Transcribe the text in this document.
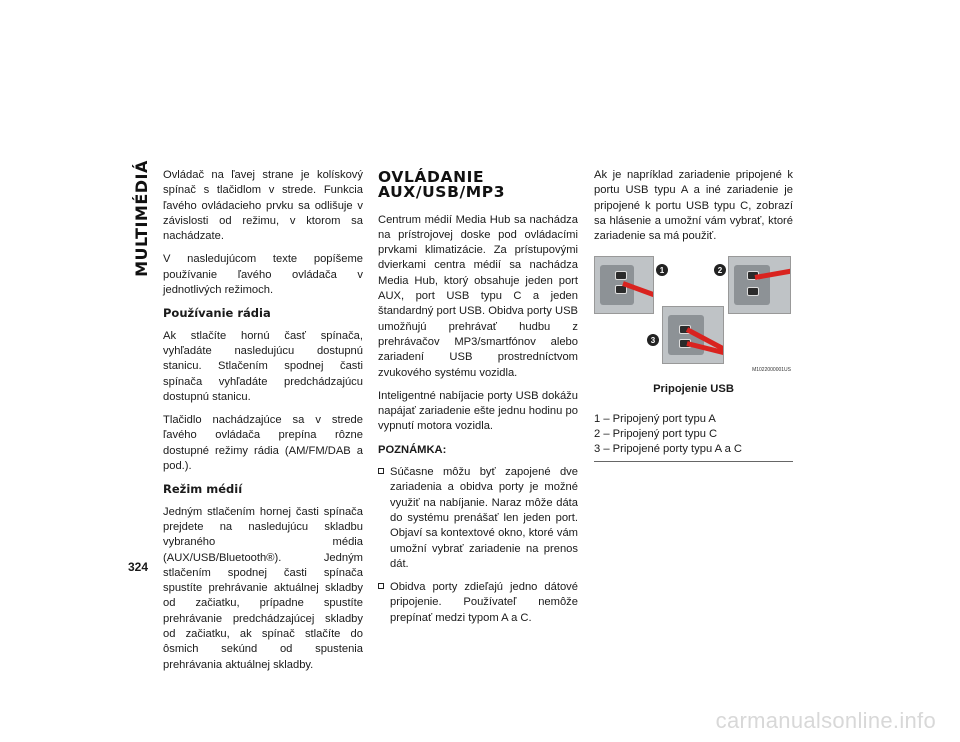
MULTIMÉDIÁ Ovládač na ľavej strane je kolískový spínač s tlačidlom v strede. Funkcia ľavého ovládacieho prvku sa odlišuje v závislosti od režimu, v ktorom sa nachádzate.

V nasledujúcom texte popíšeme používanie ľavého ovládača v jednotlivých režimoch.

Používanie rádia

Ak stlačíte hornú časť spínača, vyhľadáte nasledujúcu dostupnú stanicu. Stlačením spodnej časti spínača vyhľadáte predchádzajúcu dostupnú stanicu.

Tlačidlo nachádzajúce sa v strede ľavého ovládača prepína rôzne dostupné režimy rádia (AM/FM/DAB a pod.).

Režim médií

Jedným stlačením hornej časti spínača prejdete na nasledujúcu skladbu vybraného média (AUX/USB/Bluetooth®). Jedným stlačením spodnej časti spínača spustíte prehrávanie aktuálnej skladby od začiatku, prípadne spustíte prehrávanie predchádzajúcej skladby od začiatku, ak spínač stlačíte do ôsmich sekúnd od spustenia prehrávania aktuálnej skladby.

OVLÁDANIE AUX/USB/MP3

Centrum médií Media Hub sa nachádza na prístrojovej doske pod ovládacími prvkami klimatizácie. Za prístupovými dvierkami centra médií sa nachádza Media Hub, ktorý obsahuje jeden port AUX, port USB typu C a jeden štandardný port USB. Obidva porty USB umožňujú prehrávať hudbu z prehrávačov MP3/smartfónov alebo zariadení USB prostredníctvom zvukového systému vozidla.

Inteligentné nabíjacie porty USB dokážu napájať zariadenie ešte jednu hodinu po vypnutí motora vozidla.

POZNÁMKA:
Súčasne môžu byť zapojené dve zariadenia a obidva porty je možné využiť na nabíjanie. Naraz môže dáta do systému prenášať len jeden port. Objaví sa kontextové okno, ktoré vám umožní vybrať zariadenie na prenos dát.
Obidva porty zdieľajú jedno dátové pripojenie. Používateľ nemôže prepínať medzi typom A a C.

Ak je napríklad zariadenie pripojené k portu USB typu A a iné zariadenie je pripojené k portu USB typu C, zobrazí sa hlásenie a umožní vám vybrať, ktoré zariadenie sa má použiť.

1	2
3
M1022000001US
Pripojenie USB
1 – Pripojený port typu A
2 – Pripojený port typu C
3 – Pripojené porty typu A a C
324
carmanualsonline.info
